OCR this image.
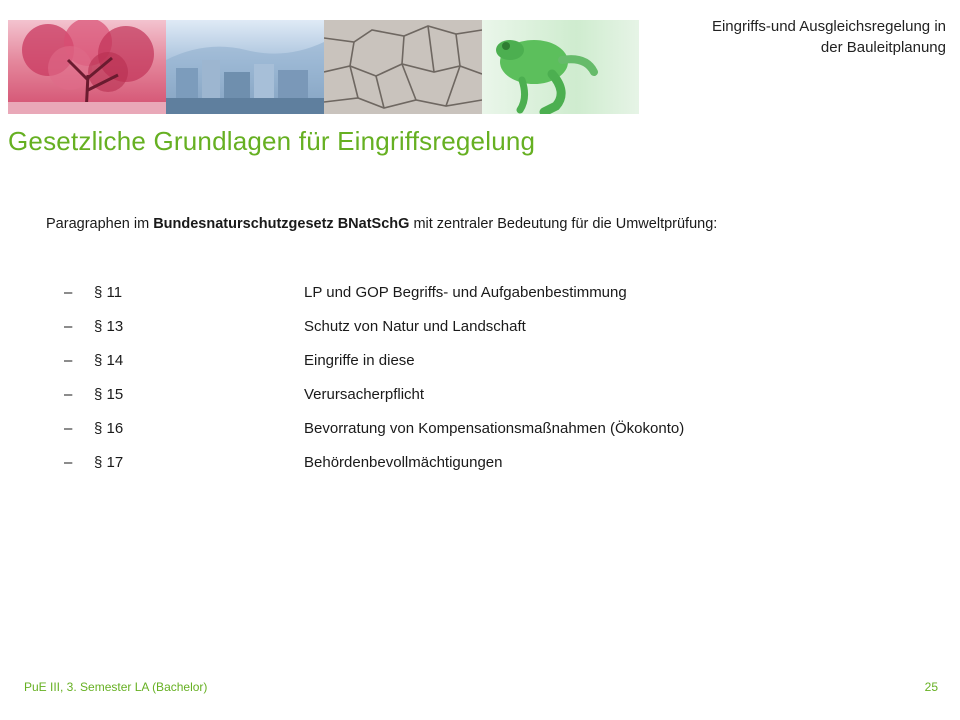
Eingriffs-und Ausgleichsregelung in
der Bauleitplanung
Gesetzliche Grundlagen für Eingriffsregelung
Paragraphen im Bundesnaturschutzgesetz BNatSchG mit zentraler Bedeutung für die Umweltprüfung:
–	§ 11	LP und GOP Begriffs- und Aufgabenbestimmung
–	§ 13	Schutz von Natur und Landschaft
–	§ 14	Eingriffe in diese
–	§ 15	Verursacherpflicht
–	§ 16	Bevorratung von Kompensationsmaßnahmen (Ökokonto)
–	§ 17	Behördenbevollmächtigungen
PuE III, 3. Semester LA (Bachelor)	25
